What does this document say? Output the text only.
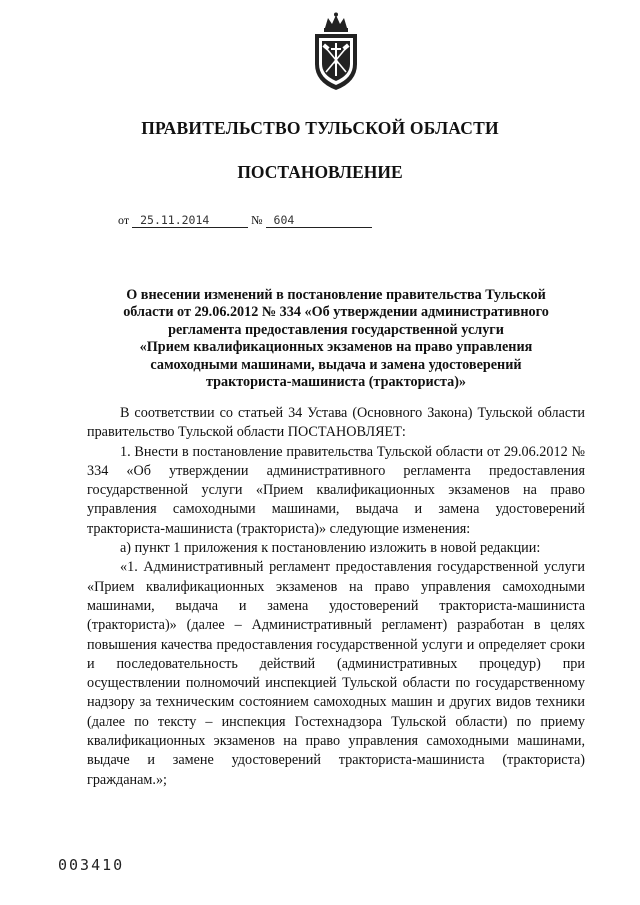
ПРАВИТЕЛЬСТВО ТУЛЬСКОЙ ОБЛАСТИ
ПОСТАНОВЛЕНИЕ
от 25.11.2014	№ 604
О внесении изменений в постановление правительства Тульской
области от 29.06.2012 № 334 «Об утверждении административного
регламента предоставления государственной услуги
«Прием квалификационных экзаменов на право управления
самоходными машинами, выдача и замена удостоверений
тракториста-машиниста (тракториста)»

В соответствии со статьей 34 Устава (Основного Закона) Тульской области правительство Тульской области ПОСТАНОВЛЯЕТ:

1. Внести в постановление правительства Тульской области от 29.06.2012 № 334 «Об утверждении административного регламента предоставления государственной услуги «Прием квалификационных экзаменов на право управления самоходными машинами, выдача и замена удостоверений тракториста-машиниста (тракториста)» следующие изменения:

а) пункт 1 приложения к постановлению изложить в новой редакции:

«1. Административный регламент предоставления государственной услуги «Прием квалификационных экзаменов на право управления самоходными машинами, выдача и замена удостоверений тракториста-машиниста (тракториста)» (далее – Административный регламент) разработан в целях повышения качества предоставления государственной услуги и определяет сроки и последовательность действий (административных процедур) при осуществлении полномочий инспекцией Тульской области по государственному надзору за техническим состоянием самоходных машин и других видов техники (далее по тексту – инспекция Гостехнадзора Тульской области) по приему квалификационных экзаменов на право управления самоходными машинами, выдаче и замене удостоверений тракториста-машиниста (тракториста) гражданам.»;

003410
